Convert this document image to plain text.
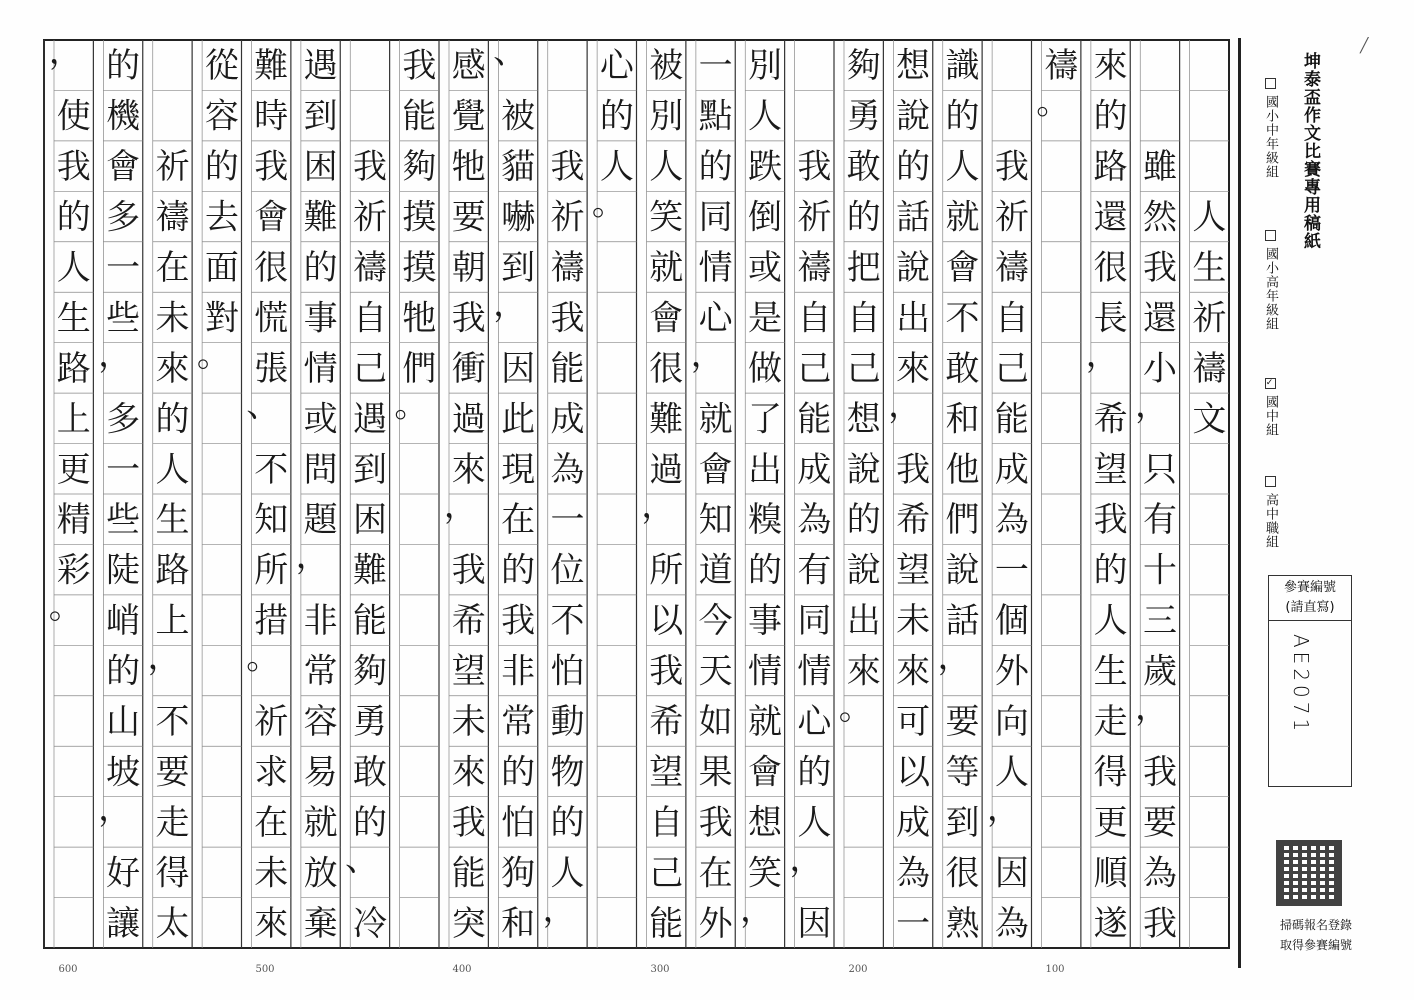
人
生
祈
禱
文
雖
然
我
還
小
，
只
有
十
三
歲
，
我
要
為
我
來
的
路
還
很
長
，
希
望
我
的
人
生
走
得
更
順
遂
禱
。
我
祈
禱
自
己
能
成
為
一
個
外
向
人
，
因
為
識
的
人
就
會
不
敢
和
他
們
說
話
，
要
等
到
很
熟
想
說
的
話
說
出
來
，
我
希
望
未
來
可
以
成
為
一
夠
勇
敢
的
把
自
己
想
說
的
說
出
來
。
我
祈
禱
自
己
能
成
為
有
同
情
心
的
人
，
因
別
人
跌
倒
或
是
做
了
出
糗
的
事
情
就
會
想
笑
，
一
點
的
同
情
心
，
就
會
知
道
今
天
如
果
我
在
外
被
別
人
笑
就
會
很
難
過
，
所
以
我
希
望
自
己
能
心
的
人
。
我
祈
禱
我
能
成
為
一
位
不
怕
動
物
的
人
，
、
被
貓
嚇
到
，
因
此
現
在
的
我
非
常
的
怕
狗
和
感
覺
牠
要
朝
我
衝
過
來
，
我
希
望
未
來
我
能
突
我
能
夠
摸
摸
牠
們
。
我
祈
禱
自
己
遇
到
困
難
能
夠
勇
敢
的
、
冷
遇
到
困
難
的
事
情
或
問
題
，
非
常
容
易
就
放
棄
難
時
我
會
很
慌
張
、
不
知
所
措
。
祈
求
在
未
來
從
容
的
去
面
對
。
祈
禱
在
未
來
的
人
生
路
上
，
不
要
走
得
太
的
機
會
多
一
些
，
多
一
些
陡
峭
的
山
坡
，
好
讓
，
使
我
的
人
生
路
上
更
精
彩
。
100
200
300
400
500
600
坤泰盃作文比賽專用稿紙
國小中年級組
國小高年級組
✓國中組
高中職組
參賽編號
(請直寫)
AE2071
掃碼報名登錄
取得參賽編號
╱
